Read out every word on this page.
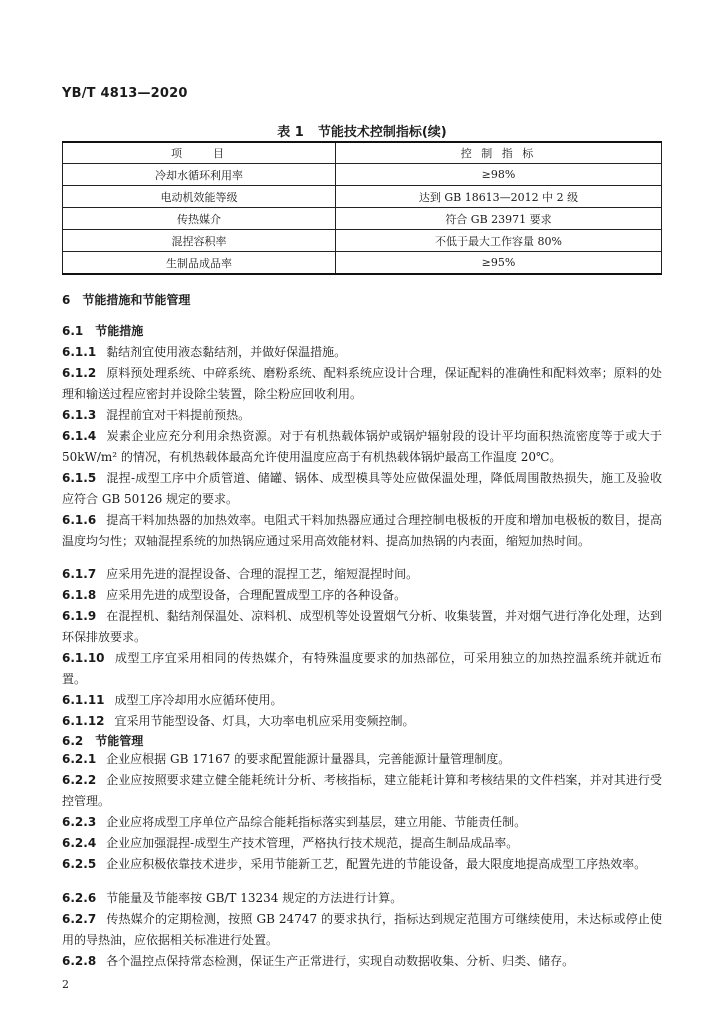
YB/T 4813—2020
表 1 节能技术控制指标(续)
项　　目	控 制 指 标
冷却水循环利用率	≥98%
电动机效能等级	达到 GB 18613—2012 中 2 级
传热媒介	符合 GB 23971 要求
混捏容积率	不低于最大工作容量 80%
生制品成品率	≥95%
6　节能措施和节能管理
6.1　节能措施
6.1.1 黏结剂宜使用液态黏结剂，并做好保温措施。
6.1.2 原料预处理系统、中碎系统、磨粉系统、配料系统应设计合理，保证配料的准确性和配料效率；原料的处理和输送过程应密封并设除尘装置，除尘粉应回收利用。
6.1.3 混捏前宜对干料提前预热。
6.1.4 炭素企业应充分利用余热资源。对于有机热载体锅炉或锅炉辐射段的设计平均面积热流密度等于或大于 50kW/m² 的情况，有机热载体最高允许使用温度应高于有机热载体锅炉最高工作温度 20℃。
6.1.5 混捏-成型工序中介质管道、储罐、锅体、成型模具等处应做保温处理，降低周围散热损失，施工及验收应符合 GB 50126 规定的要求。
6.1.6 提高干料加热器的加热效率。电阻式干料加热器应通过合理控制电极板的开度和增加电极板的数目，提高温度均匀性；双轴混捏系统的加热锅应通过采用高效能材料、提高加热锅的内表面，缩短加热时间。
6.1.7 应采用先进的混捏设备、合理的混捏工艺，缩短混捏时间。
6.1.8 应采用先进的成型设备，合理配置成型工序的各种设备。
6.1.9 在混捏机、黏结剂保温处、凉料机、成型机等处设置烟气分析、收集装置，并对烟气进行净化处理，达到环保排放要求。
6.1.10 成型工序宜采用相同的传热媒介，有特殊温度要求的加热部位，可采用独立的加热控温系统并就近布置。
6.1.11 成型工序冷却用水应循环使用。
6.1.12 宜采用节能型设备、灯具，大功率电机应采用变频控制。
6.2　节能管理
6.2.1 企业应根据 GB 17167 的要求配置能源计量器具，完善能源计量管理制度。
6.2.2 企业应按照要求建立健全能耗统计分析、考核指标，建立能耗计算和考核结果的文件档案，并对其进行受控管理。
6.2.3 企业应将成型工序单位产品综合能耗指标落实到基层，建立用能、节能责任制。
6.2.4 企业应加强混捏-成型生产技术管理，严格执行技术规范，提高生制品成品率。
6.2.5 企业应积极依靠技术进步，采用节能新工艺，配置先进的节能设备，最大限度地提高成型工序热效率。
6.2.6 节能量及节能率按 GB/T 13234 规定的方法进行计算。
6.2.7 传热媒介的定期检测，按照 GB 24747 的要求执行，指标达到规定范围方可继续使用，未达标或停止使用的导热油，应依据相关标准进行处置。
6.2.8 各个温控点保持常态检测，保证生产正常进行，实现自动数据收集、分析、归类、储存。
2
